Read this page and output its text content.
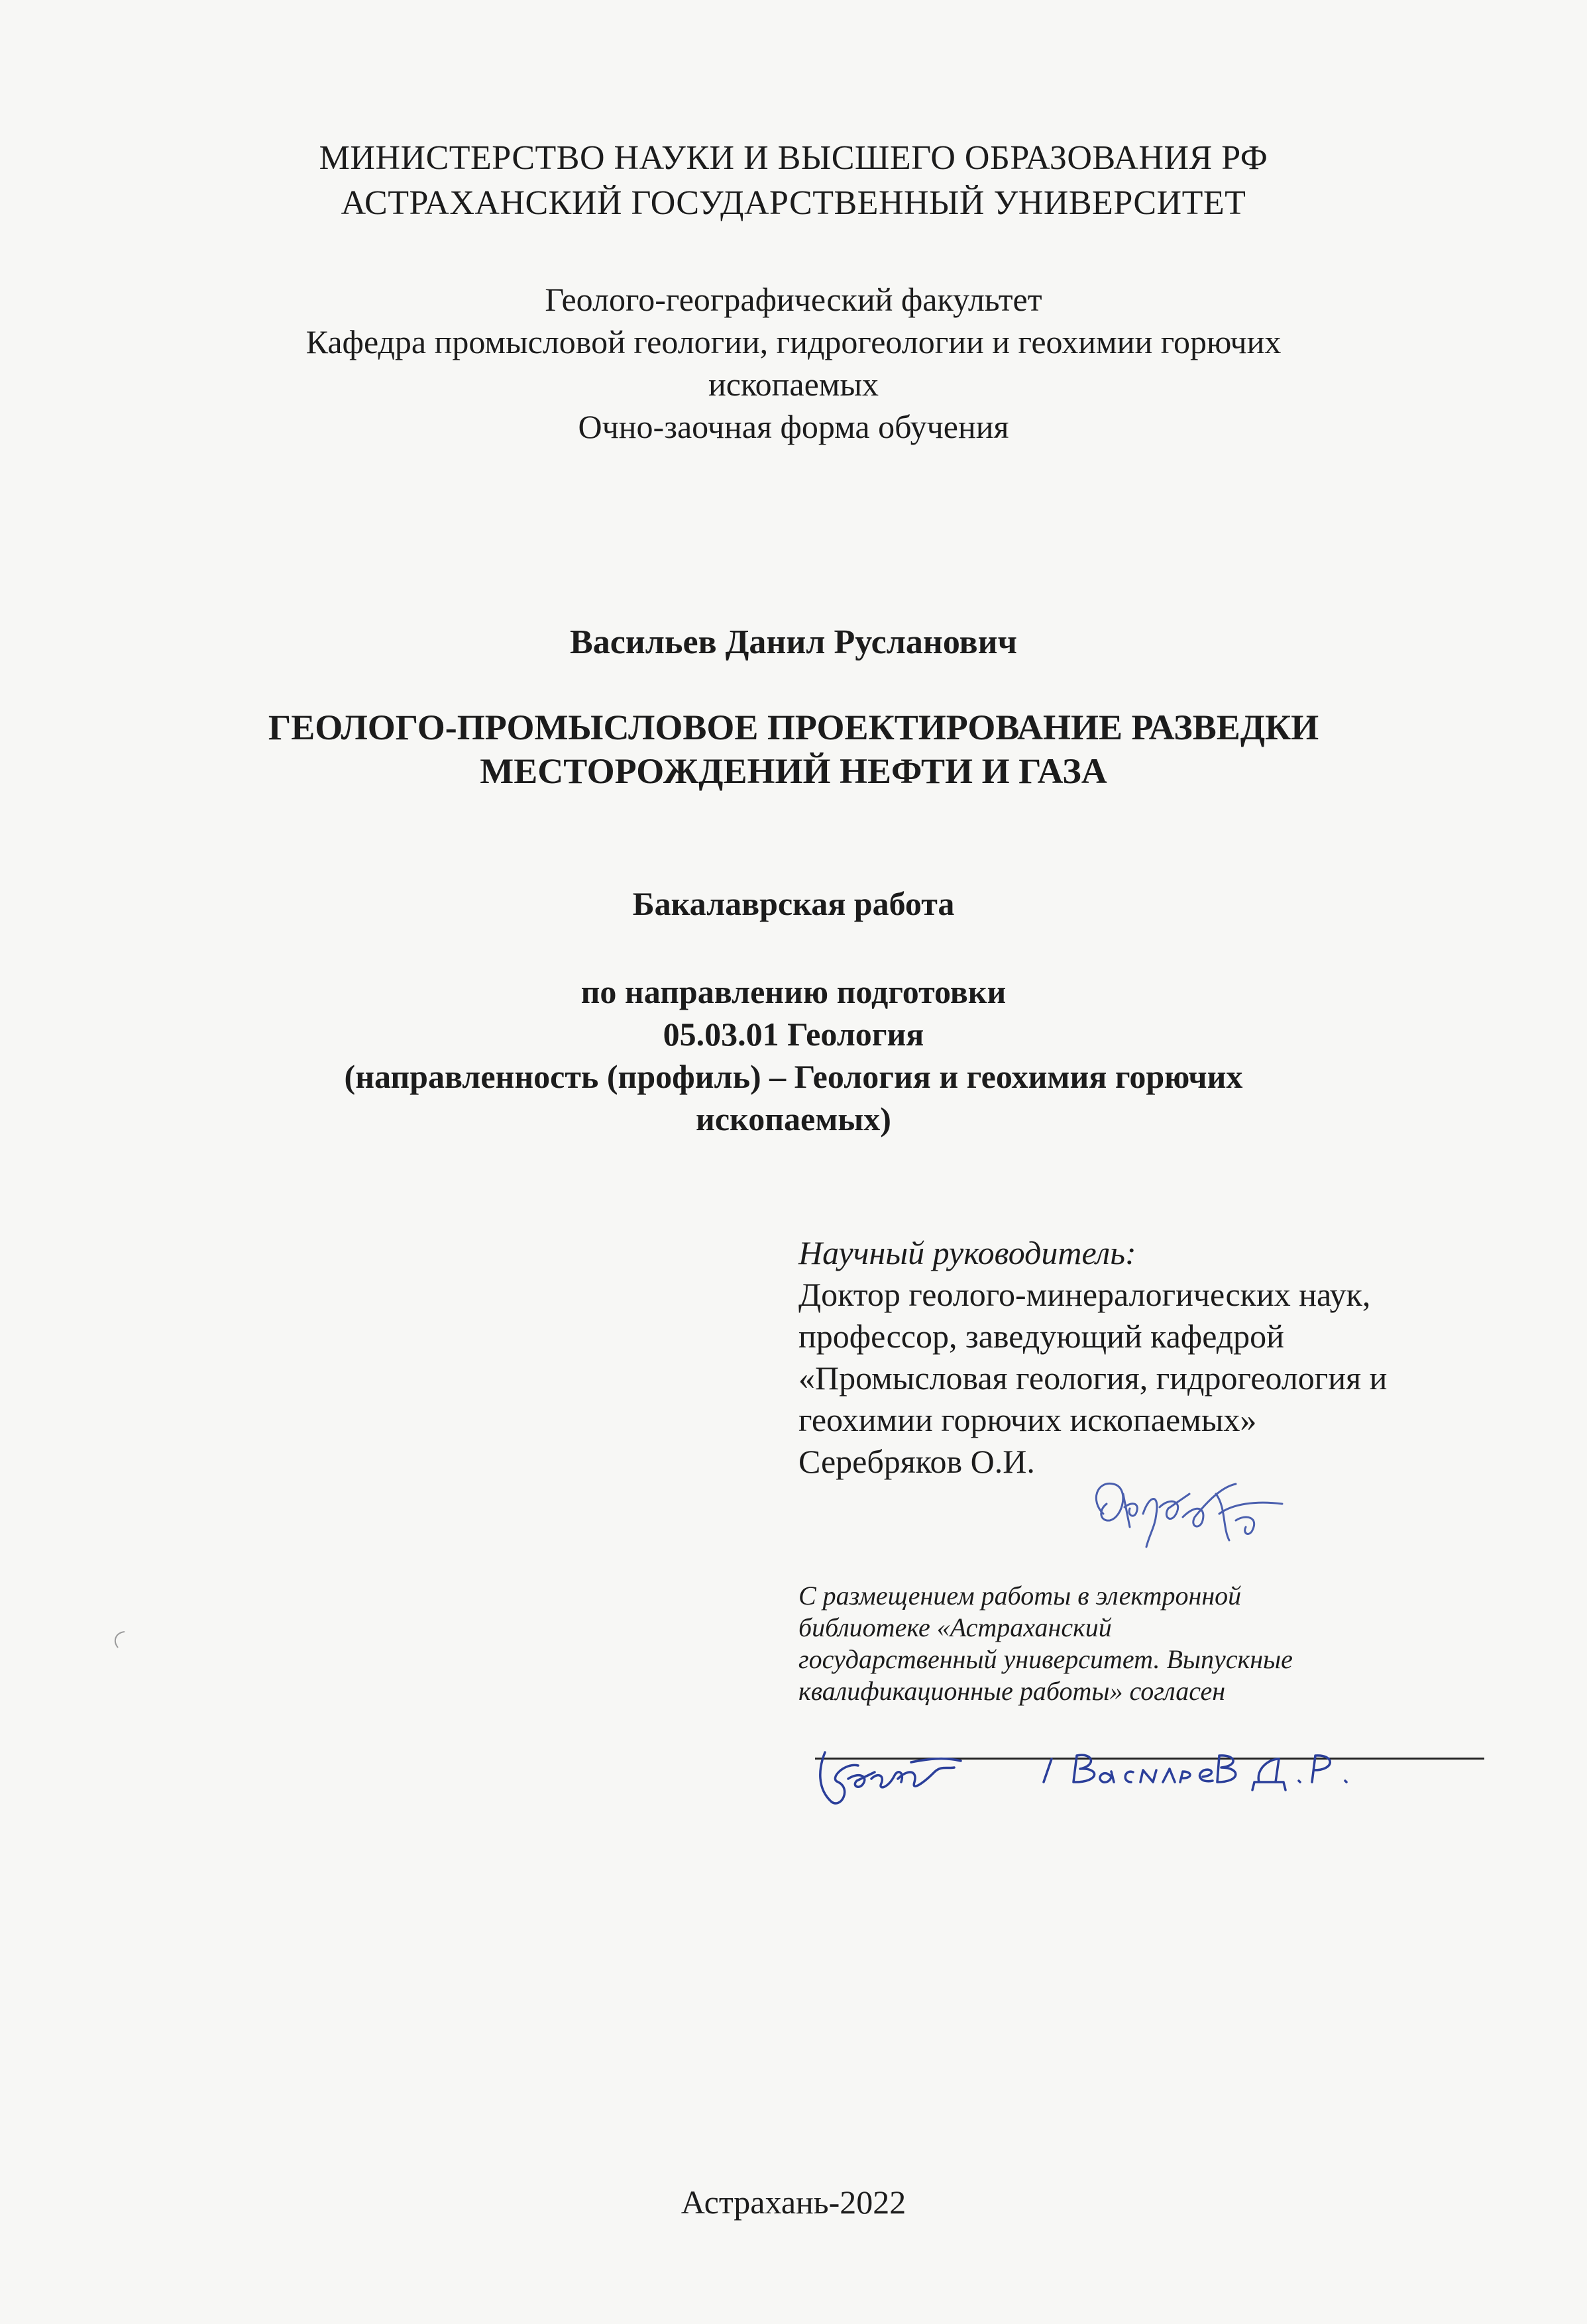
МИНИСТЕРСТВО НАУКИ И ВЫСШЕГО ОБРАЗОВАНИЯ РФ
АСТРАХАНСКИЙ ГОСУДАРСТВЕННЫЙ УНИВЕРСИТЕТ
Геолого-географический факультет
Кафедра промысловой геологии, гидрогеологии и геохимии горючих
ископаемых
Очно-заочная форма обучения
Васильев Данил Русланович
ГЕОЛОГО-ПРОМЫСЛОВОЕ ПРОЕКТИРОВАНИЕ РАЗВЕДКИ
МЕСТОРОЖДЕНИЙ НЕФТИ И ГАЗА
Бакалаврская работа
по направлению подготовки
05.03.01 Геология
(направленность (профиль) – Геология и геохимия горючих
ископаемых)
Научный руководитель:
Доктор геолого-минералогических наук,
профессор, заведующий кафедрой
«Промысловая геология, гидрогеология и
геохимии горючих ископаемых»
Серебряков О.И.
С размещением работы в электронной
библиотеке «Астраханский
государственный университет. Выпускные
квалификационные работы» согласен
Астрахань-2022
